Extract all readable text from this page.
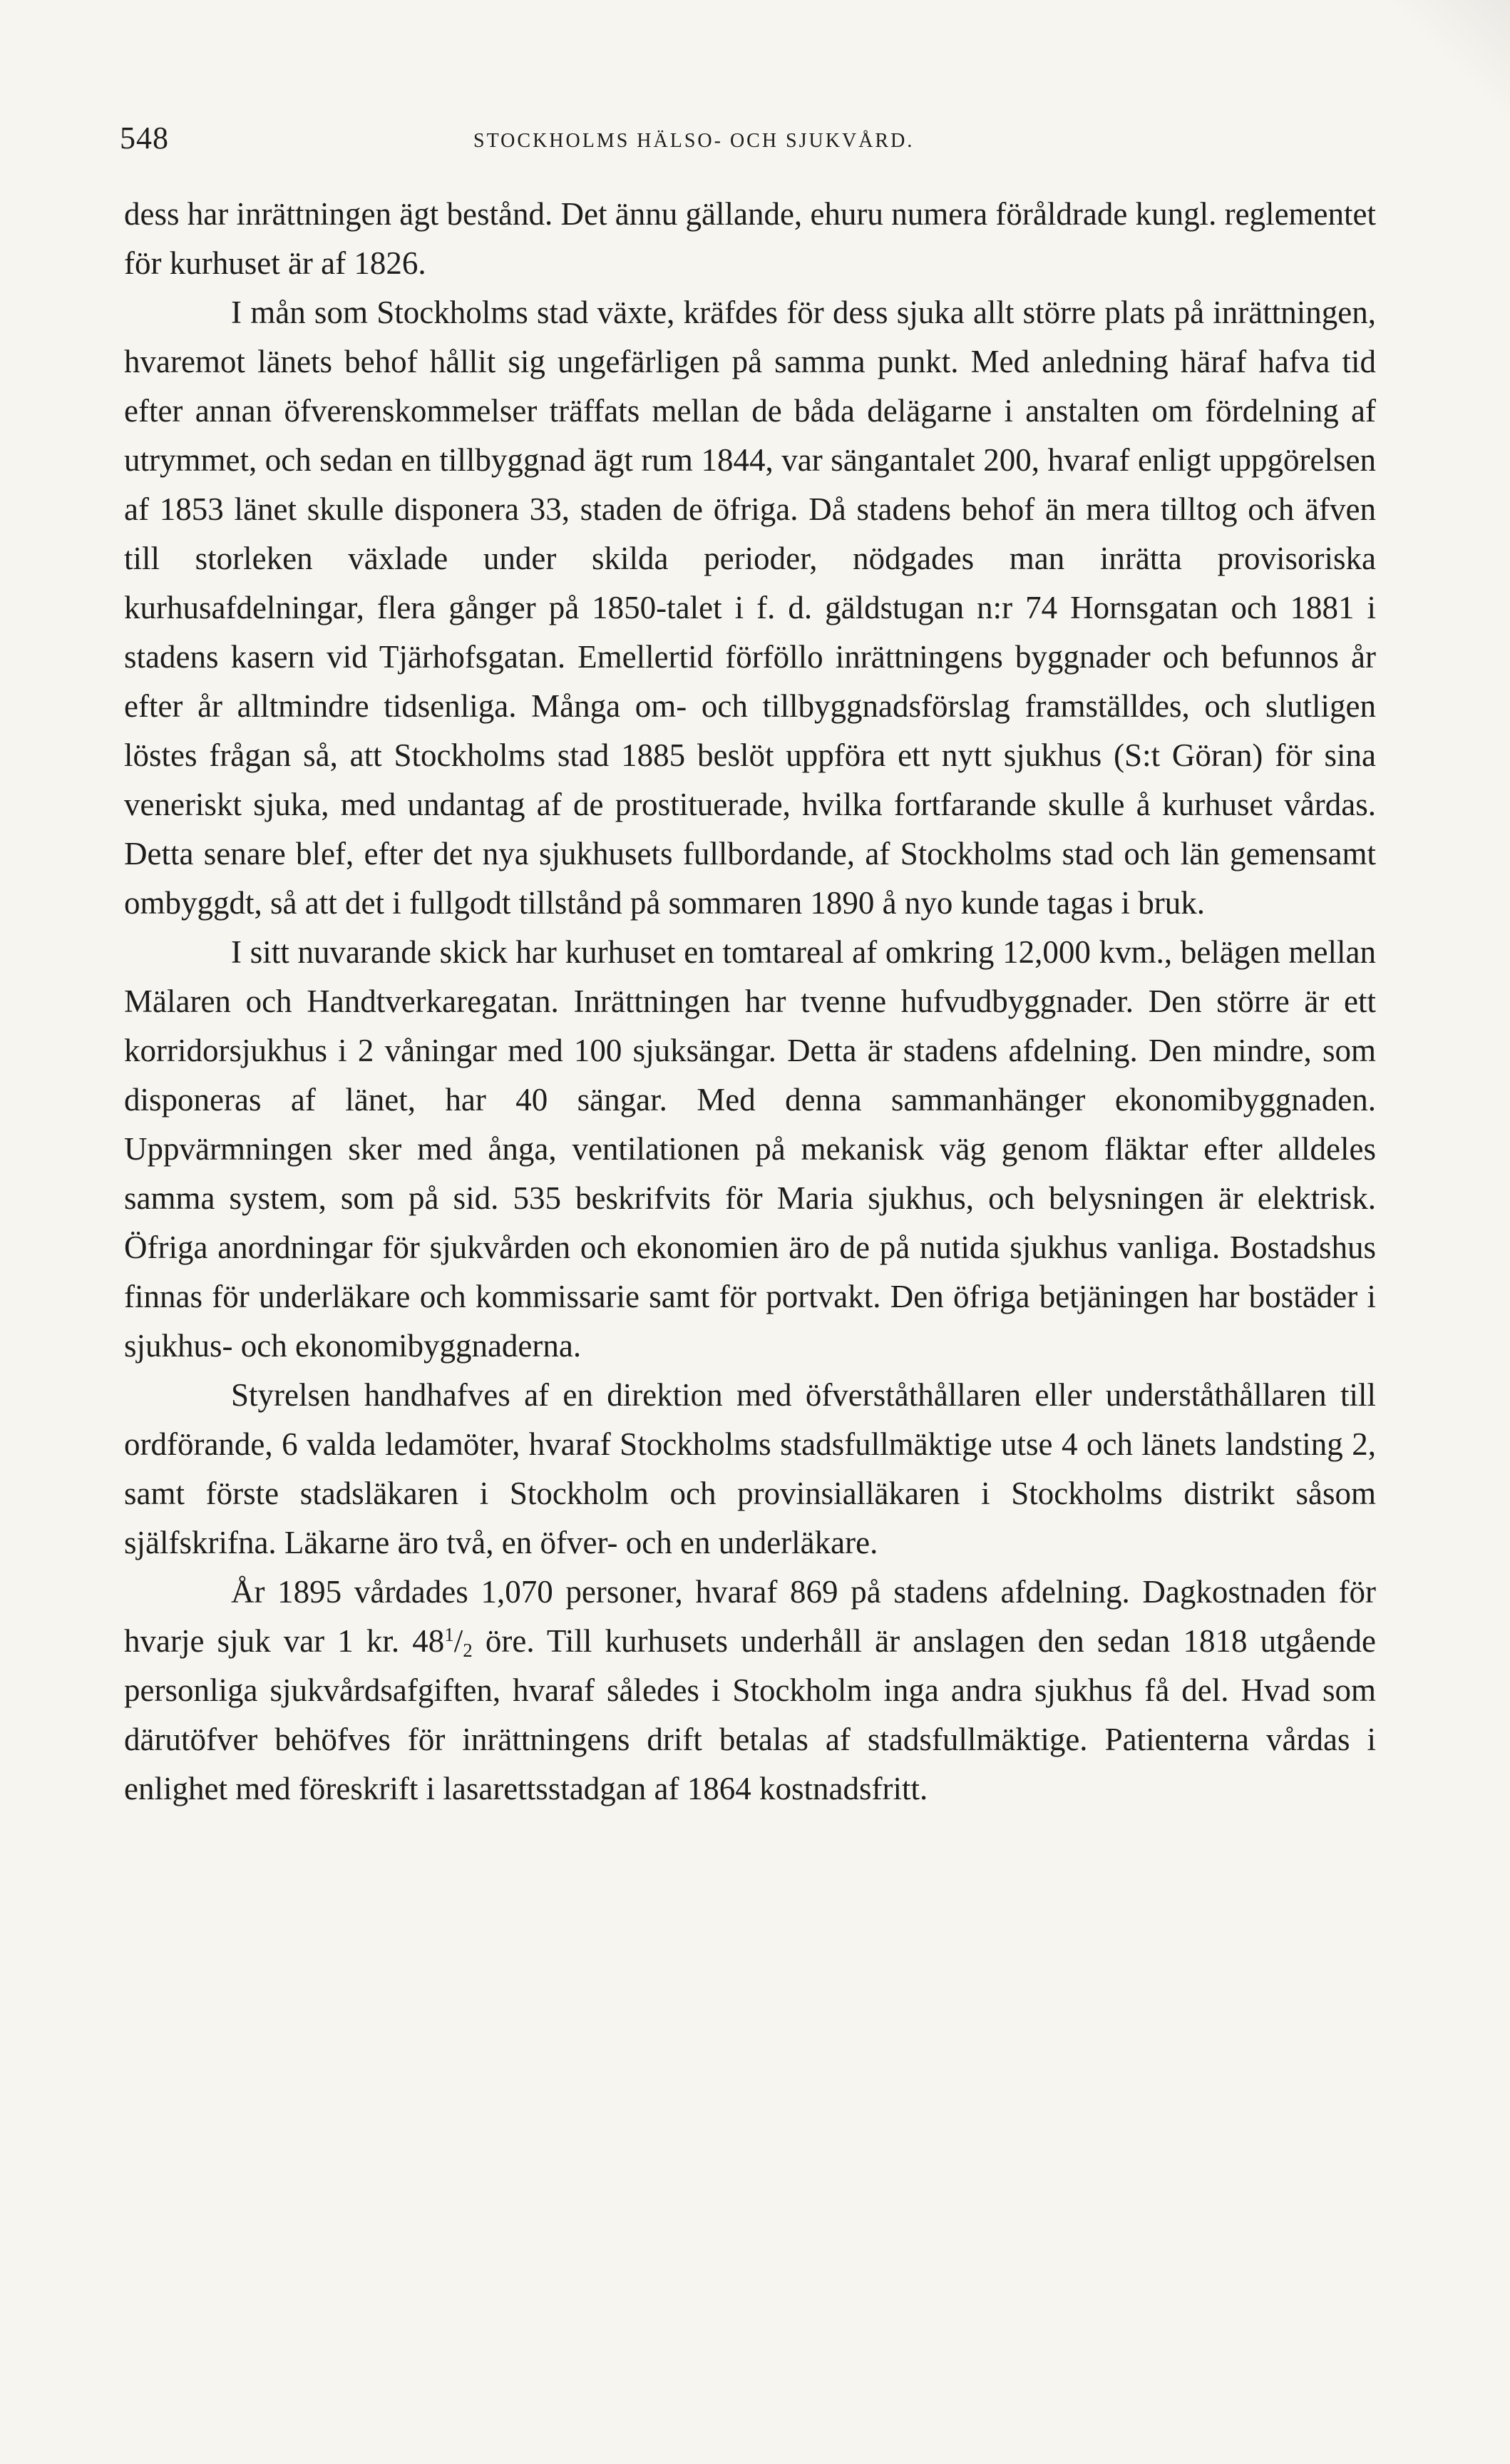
548	STOCKHOLMS HÄLSO- OCH SJUKVÅRD.

dess har inrättningen ägt bestånd. Det ännu gällande, ehuru numera föråldrade kungl. reglementet för kurhuset är af 1826.

I mån som Stockholms stad växte, kräfdes för dess sjuka allt större plats på inrättningen, hvaremot länets behof hållit sig ungefärligen på samma punkt. Med anledning häraf hafva tid efter annan öfverenskommelser träffats mellan de båda delägarne i anstalten om fördelning af utrymmet, och sedan en tillbyggnad ägt rum 1844, var sängantalet 200, hvaraf enligt uppgörelsen af 1853 länet skulle disponera 33, staden de öfriga. Då stadens behof än mera tilltog och äfven till storleken växlade under skilda perioder, nödgades man inrätta provisoriska kurhusafdelningar, flera gånger på 1850-talet i f. d. gäldstugan n:r 74 Hornsgatan och 1881 i stadens kasern vid Tjärhofsgatan. Emellertid förföllo inrättningens byggnader och befunnos år efter år alltmindre tidsenliga. Många om- och tillbyggnadsförslag framställdes, och slutligen löstes frågan så, att Stockholms stad 1885 beslöt uppföra ett nytt sjukhus (S:t Göran) för sina veneriskt sjuka, med undantag af de prostituerade, hvilka fortfarande skulle å kurhuset vårdas. Detta senare blef, efter det nya sjukhusets fullbordande, af Stockholms stad och län gemensamt ombyggdt, så att det i fullgodt tillstånd på sommaren 1890 å nyo kunde tagas i bruk.

I sitt nuvarande skick har kurhuset en tomtareal af omkring 12,000 kvm., belägen mellan Mälaren och Handtverkaregatan. Inrättningen har tvenne hufvudbyggnader. Den större är ett korridorsjukhus i 2 våningar med 100 sjuksängar. Detta är stadens afdelning. Den mindre, som disponeras af länet, har 40 sängar. Med denna sammanhänger ekonomibyggnaden. Uppvärmningen sker med ånga, ventilationen på mekanisk väg genom fläktar efter alldeles samma system, som på sid. 535 beskrifvits för Maria sjukhus, och belysningen är elektrisk. Öfriga anordningar för sjukvården och ekonomien äro de på nutida sjukhus vanliga. Bostadshus finnas för underläkare och kommissarie samt för portvakt. Den öfriga betjäningen har bostäder i sjukhus- och ekonomibyggnaderna.

Styrelsen handhafves af en direktion med öfverståthållaren eller underståthållaren till ordförande, 6 valda ledamöter, hvaraf Stockholms stadsfullmäktige utse 4 och länets landsting 2, samt förste stadsläkaren i Stockholm och provinsialläkaren i Stockholms distrikt såsom själfskrifna. Läkarne äro två, en öfver- och en underläkare.

År 1895 vårdades 1,070 personer, hvaraf 869 på stadens afdelning. Dagkostnaden för hvarje sjuk var 1 kr. $48^1/_2$ öre. Till kurhusets underhåll är anslagen den sedan 1818 utgående personliga sjukvårdsafgiften, hvaraf således i Stockholm inga andra sjukhus få del. Hvad som därutöfver behöfves för inrättningens drift betalas af stadsfullmäktige. Patienterna vårdas i enlighet med föreskrift i lasarettsstadgan af 1864 kostnadsfritt.
